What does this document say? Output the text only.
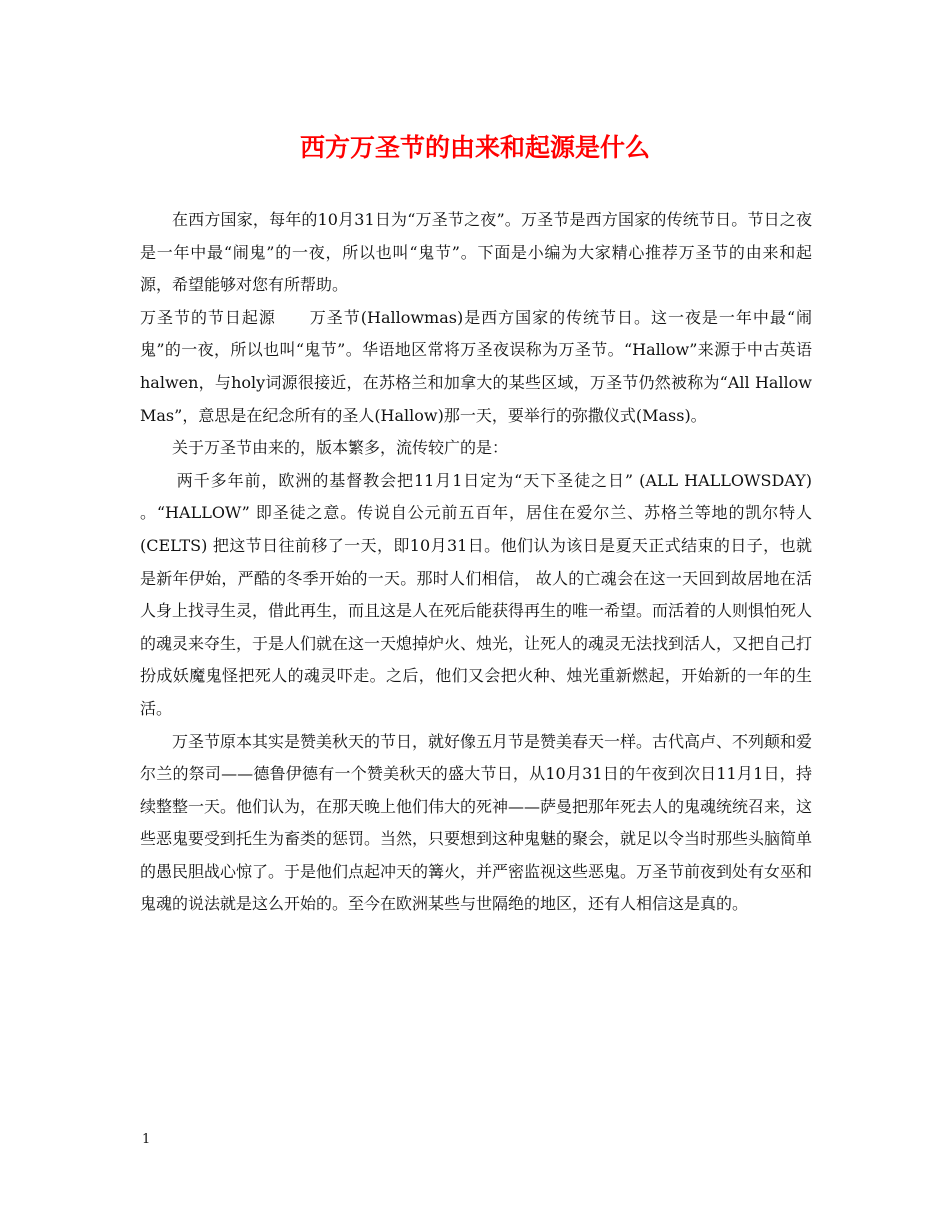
西方万圣节的由来和起源是什么

在西方国家，每年的10月31日为“万圣节之夜”。万圣节是西方国家的传统节日。节日之夜是一年中最“闹鬼”的一夜，所以也叫“鬼节”。下面是小编为大家精心推荐万圣节的由来和起源，希望能够对您有所帮助。

万圣节的节日起源　　万圣节(Hallowmas)是西方国家的传统节日。这一夜是一年中最“闹鬼”的一夜，所以也叫“鬼节”。华语地区常将万圣夜误称为万圣节。“Hallow”来源于中古英语halwen，与holy词源很接近，在苏格兰和加拿大的某些区域，万圣节仍然被称为“All Hallow Mas”，意思是在纪念所有的圣人(Hallow)那一天，要举行的弥撒仪式(Mass)。

关于万圣节由来的，版本繁多，流传较广的是：

两千多年前，欧洲的基督教会把11月1日定为“天下圣徒之日” (ALL HALLOWSDAY) 。“HALLOW” 即圣徒之意。传说自公元前五百年，居住在爱尔兰、苏格兰等地的凯尔特人 (CELTS) 把这节日往前移了一天，即10月31日。他们认为该日是夏天正式结束的日子，也就是新年伊始，严酷的冬季开始的一天。那时人们相信， 故人的亡魂会在这一天回到故居地在活人身上找寻生灵，借此再生，而且这是人在死后能获得再生的唯一希望。而活着的人则惧怕死人的魂灵来夺生，于是人们就在这一天熄掉炉火、烛光，让死人的魂灵无法找到活人，又把自己打扮成妖魔鬼怪把死人的魂灵吓走。之后，他们又会把火种、烛光重新燃起，开始新的一年的生活。

万圣节原本其实是赞美秋天的节日，就好像五月节是赞美春天一样。古代高卢、不列颠和爱尔兰的祭司——德鲁伊德有一个赞美秋天的盛大节日，从10月31日的午夜到次日11月1日，持续整整一天。他们认为，在那天晚上他们伟大的死神——萨曼把那年死去人的鬼魂统统召来，这些恶鬼要受到托生为畜类的惩罚。当然，只要想到这种鬼魅的聚会，就足以令当时那些头脑简单的愚民胆战心惊了。于是他们点起冲天的篝火，并严密监视这些恶鬼。万圣节前夜到处有女巫和鬼魂的说法就是这么开始的。至今在欧洲某些与世隔绝的地区，还有人相信这是真的。

1
